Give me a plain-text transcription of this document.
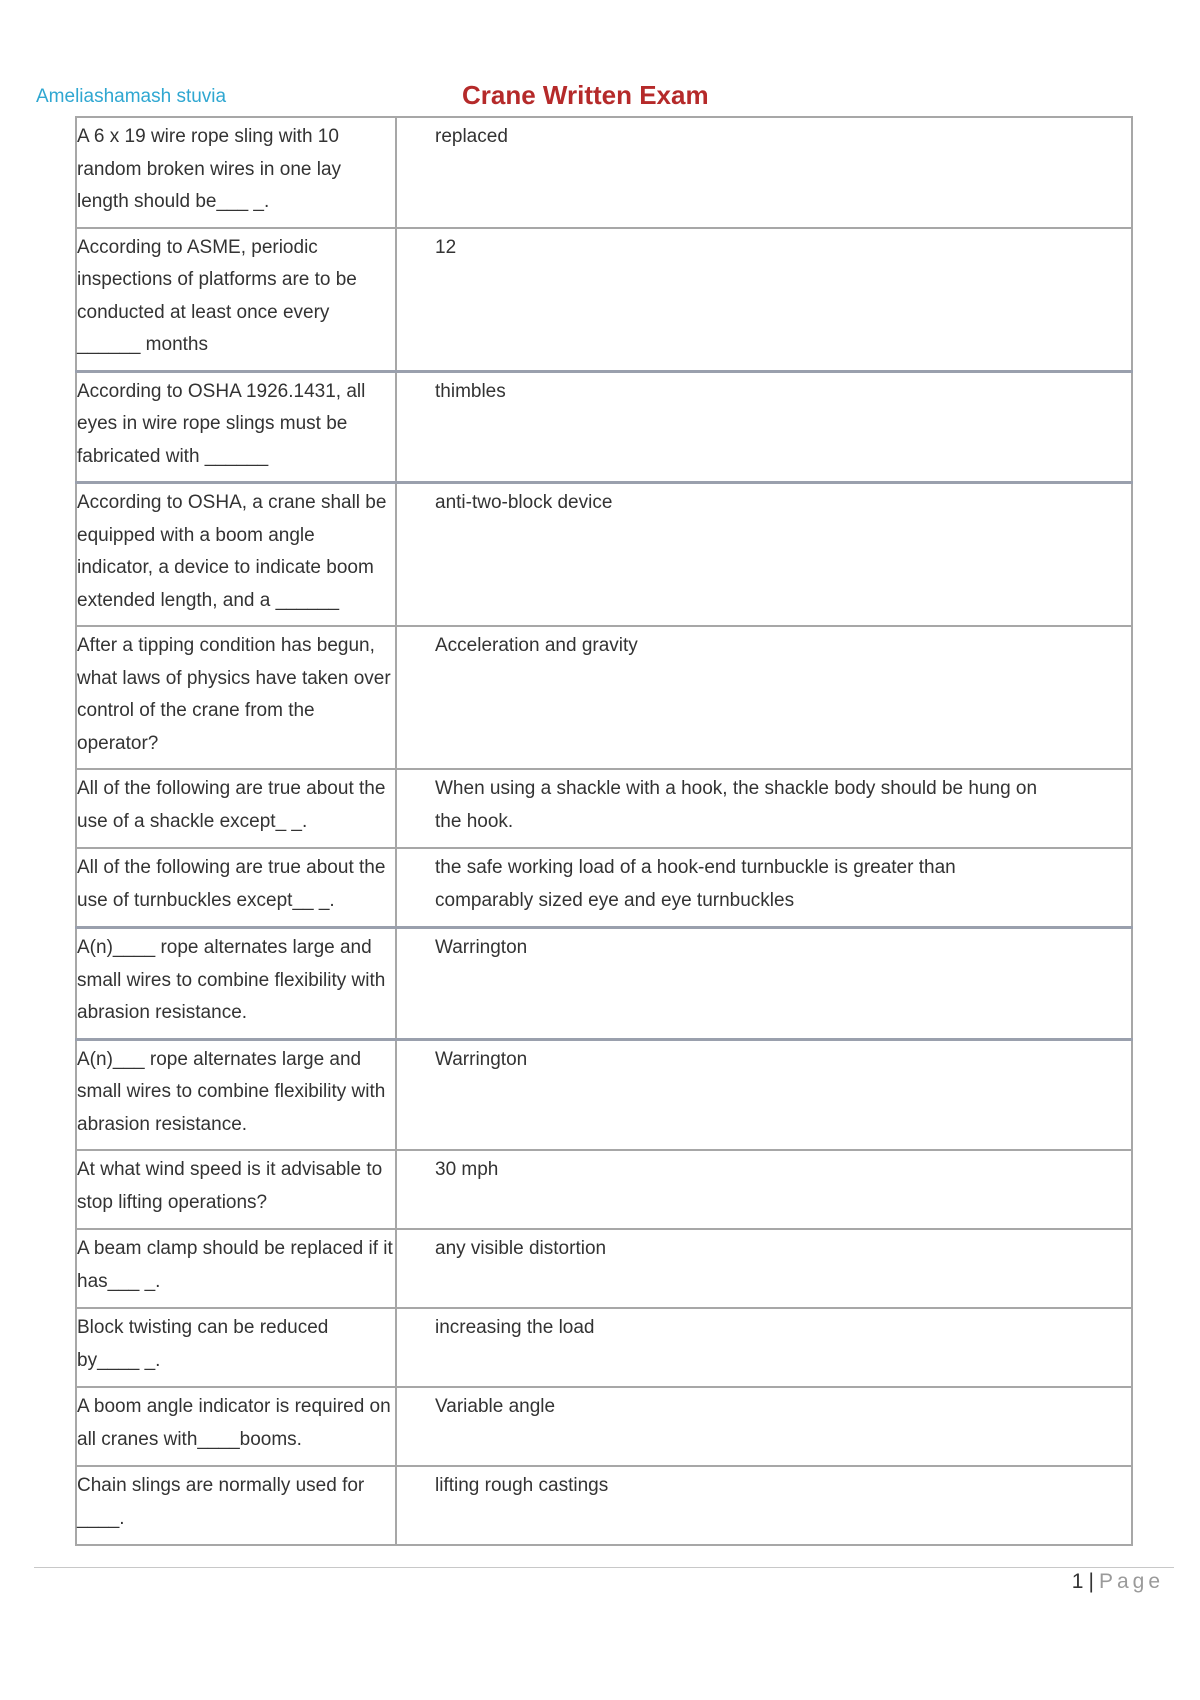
Ameliashamash stuvia	Crane Written Exam
A 6 x 19 wire rope sling with 10 random broken wires in one lay length should be___ _.	replaced
According to ASME, periodic inspections of platforms are to be conducted at least once every ______ months	12
According to OSHA 1926.1431, all eyes in wire rope slings must be fabricated with ______	thimbles
According to OSHA, a crane shall be equipped with a boom angle indicator, a device to indicate boom extended length, and a ______	anti-two-block device
After a tipping condition has begun, what laws of physics have taken over control of the crane from the operator?	Acceleration and gravity
All of the following are true about the use of a shackle except_ _.	When using a shackle with a hook, the shackle body should be hung on the hook.
All of the following are true about the use of turnbuckles except__ _.	the safe working load of a hook-end turnbuckle is greater than comparably sized eye and eye turnbuckles
A(n)____ rope alternates large and small wires to combine flexibility with abrasion resistance.	Warrington
A(n)___ rope alternates large and small wires to combine flexibility with abrasion resistance.	Warrington
At what wind speed is it advisable to stop lifting operations?	30 mph
A beam clamp should be replaced if it has___ _.	any visible distortion
Block twisting can be reduced by____ _.	increasing the load
A boom angle indicator is required on all cranes with____booms.	Variable angle
Chain slings are normally used for ____.	lifting rough castings
1 | Page
